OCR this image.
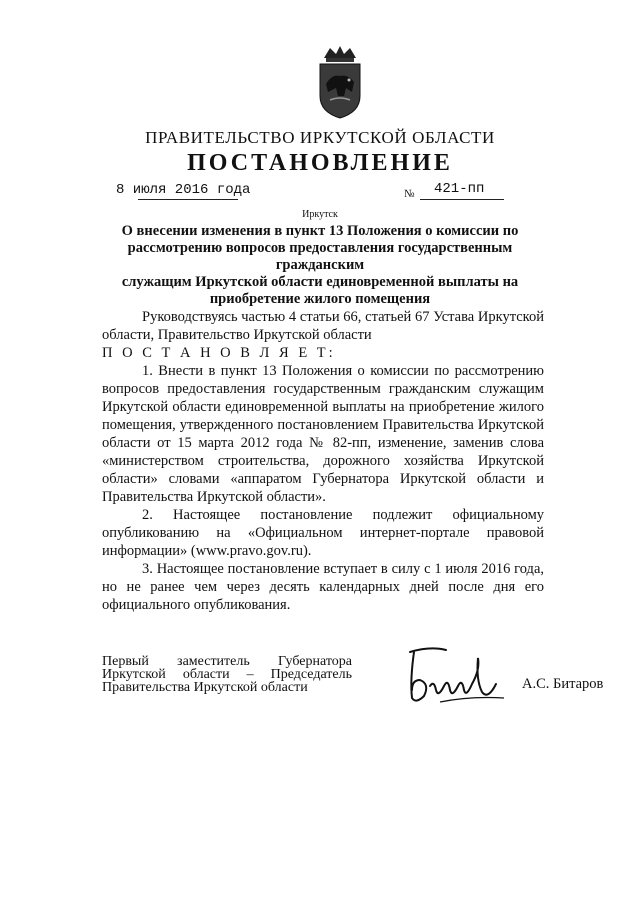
ПРАВИТЕЛЬСТВО ИРКУТСКОЙ ОБЛАСТИ
ПОСТАНОВЛЕНИЕ
8 июля 2016 года	№ 421-пп
Иркутск
О внесении изменения в пункт 13 Положения о комиссии по
рассмотрению вопросов предоставления государственным гражданским
служащим Иркутской области единовременной выплаты на
приобретение жилого помещения

Руководствуясь частью 4 статьи 66, статьей 67 Устава Иркутской области, Правительство Иркутской области

П О С Т А Н О В Л Я Е Т:

1. Внести в пункт 13 Положения о комиссии по рассмотрению вопросов предоставления государственным гражданским служащим Иркутской области единовременной выплаты на приобретение жилого помещения, утвержденного постановлением Правительства Иркутской области от 15 марта 2012 года № 82-пп, изменение, заменив слова «министерством строительства, дорожного хозяйства Иркутской области» словами «аппаратом Губернатора Иркутской области и Правительства Иркутской области».

2. Настоящее постановление подлежит официальному опубликованию на «Официальном интернет-портале правовой информации» (www.pravo.gov.ru).

3. Настоящее постановление вступает в силу с 1 июля 2016 года, но не ранее чем через десять календарных дней после дня его официального опубликования.

Первый заместитель Губернатора
Иркутской области – Председатель
Правительства Иркутской области	А.С. Битаров
